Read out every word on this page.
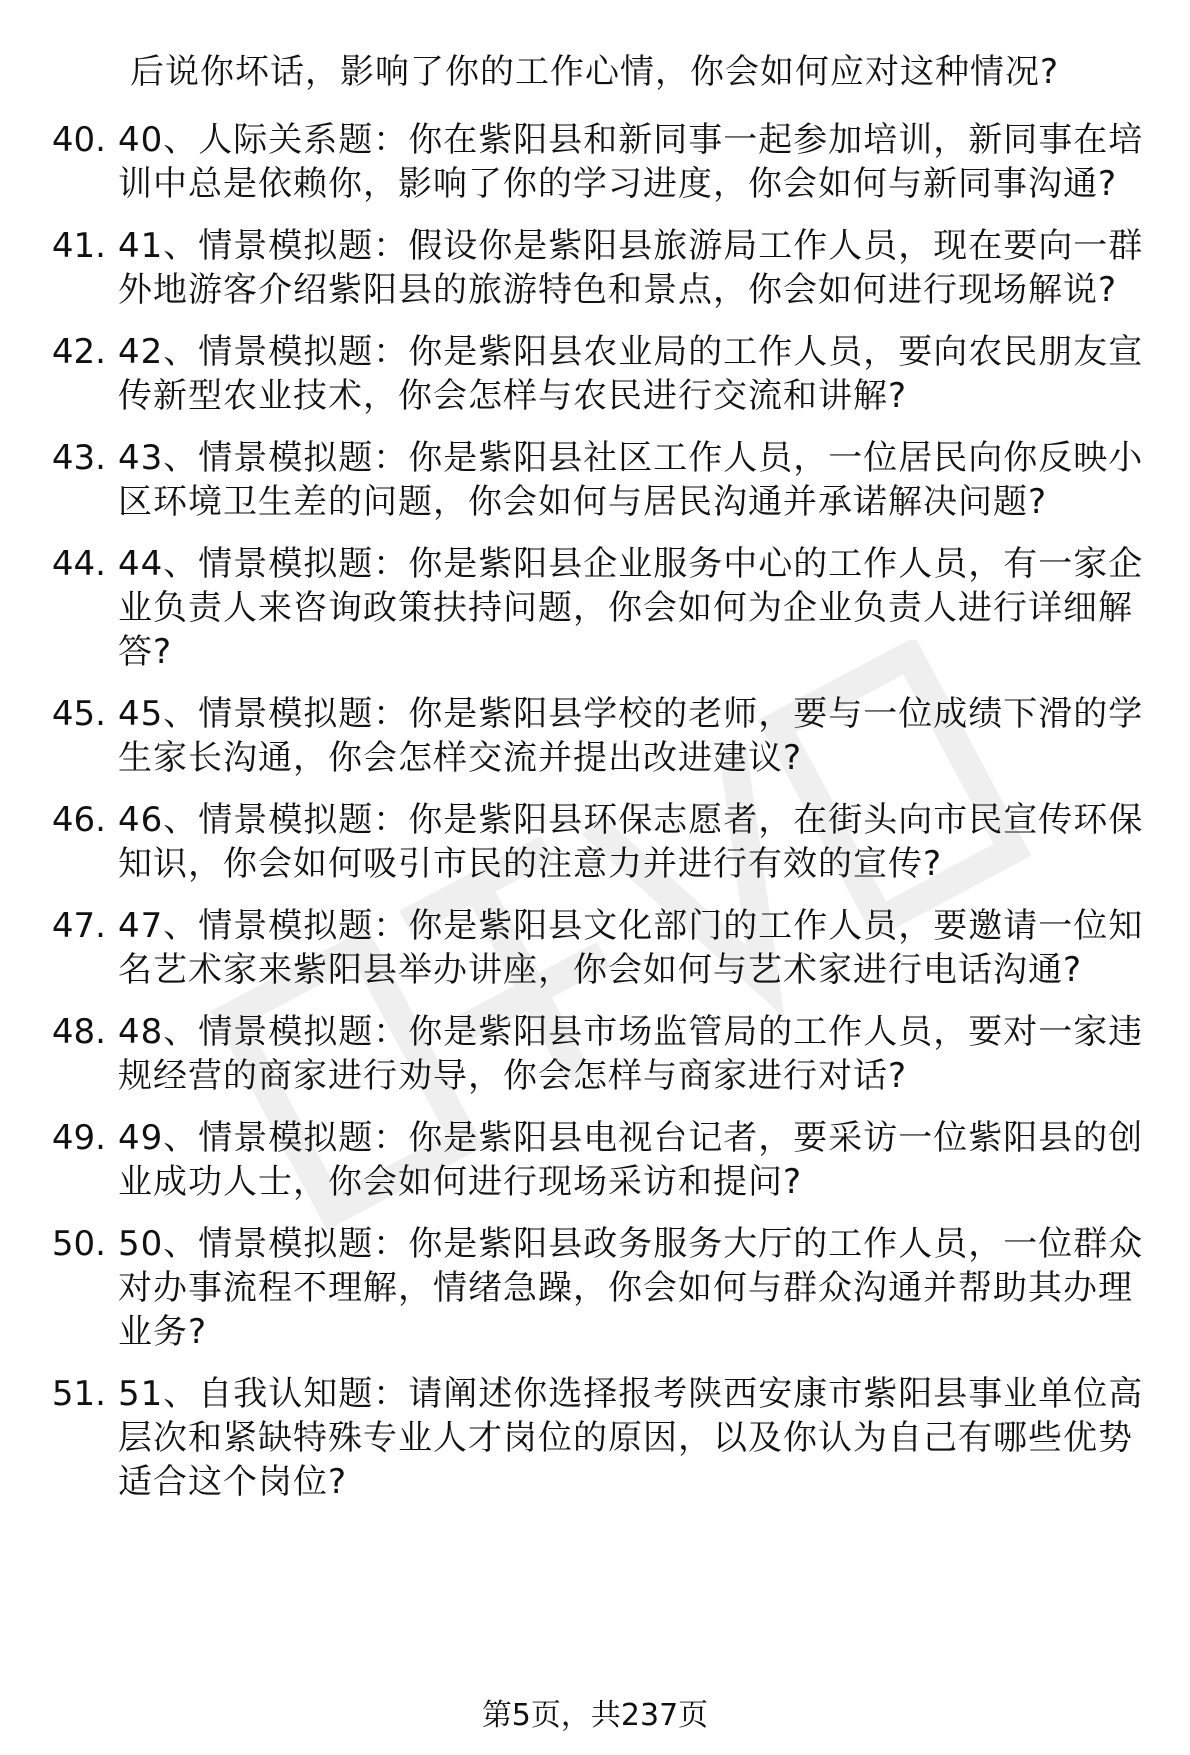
后说你坏话，影响了你的工作心情，你会如何应对这种情况?
40. 40、人际关系题：你在紫阳县和新同事一起参加培训，新同事在培训中总是依赖你，影响了你的学习进度，你会如何与新同事沟通?
41. 41、情景模拟题：假设你是紫阳县旅游局工作人员，现在要向一群外地游客介绍紫阳县的旅游特色和景点，你会如何进行现场解说?
42. 42、情景模拟题：你是紫阳县农业局的工作人员，要向农民朋友宣传新型农业技术，你会怎样与农民进行交流和讲解?
43. 43、情景模拟题：你是紫阳县社区工作人员，一位居民向你反映小区环境卫生差的问题，你会如何与居民沟通并承诺解决问题?
44. 44、情景模拟题：你是紫阳县企业服务中心的工作人员，有一家企业负责人来咨询政策扶持问题，你会如何为企业负责人进行详细解答?
45. 45、情景模拟题：你是紫阳县学校的老师，要与一位成绩下滑的学生家长沟通，你会怎样交流并提出改进建议?
46. 46、情景模拟题：你是紫阳县环保志愿者，在街头向市民宣传环保知识，你会如何吸引市民的注意力并进行有效的宣传?
47. 47、情景模拟题：你是紫阳县文化部门的工作人员，要邀请一位知名艺术家来紫阳县举办讲座，你会如何与艺术家进行电话沟通?
48. 48、情景模拟题：你是紫阳县市场监管局的工作人员，要对一家违规经营的商家进行劝导，你会怎样与商家进行对话?
49. 49、情景模拟题：你是紫阳县电视台记者，要采访一位紫阳县的创业成功人士，你会如何进行现场采访和提问?
50. 50、情景模拟题：你是紫阳县政务服务大厅的工作人员，一位群众对办事流程不理解，情绪急躁，你会如何与群众沟通并帮助其办理业务?
51. 51、自我认知题：请阐述你选择报考陕西安康市紫阳县事业单位高层次和紧缺特殊专业人才岗位的原因，以及你认为自己有哪些优势适合这个岗位?
第5页，共237页
